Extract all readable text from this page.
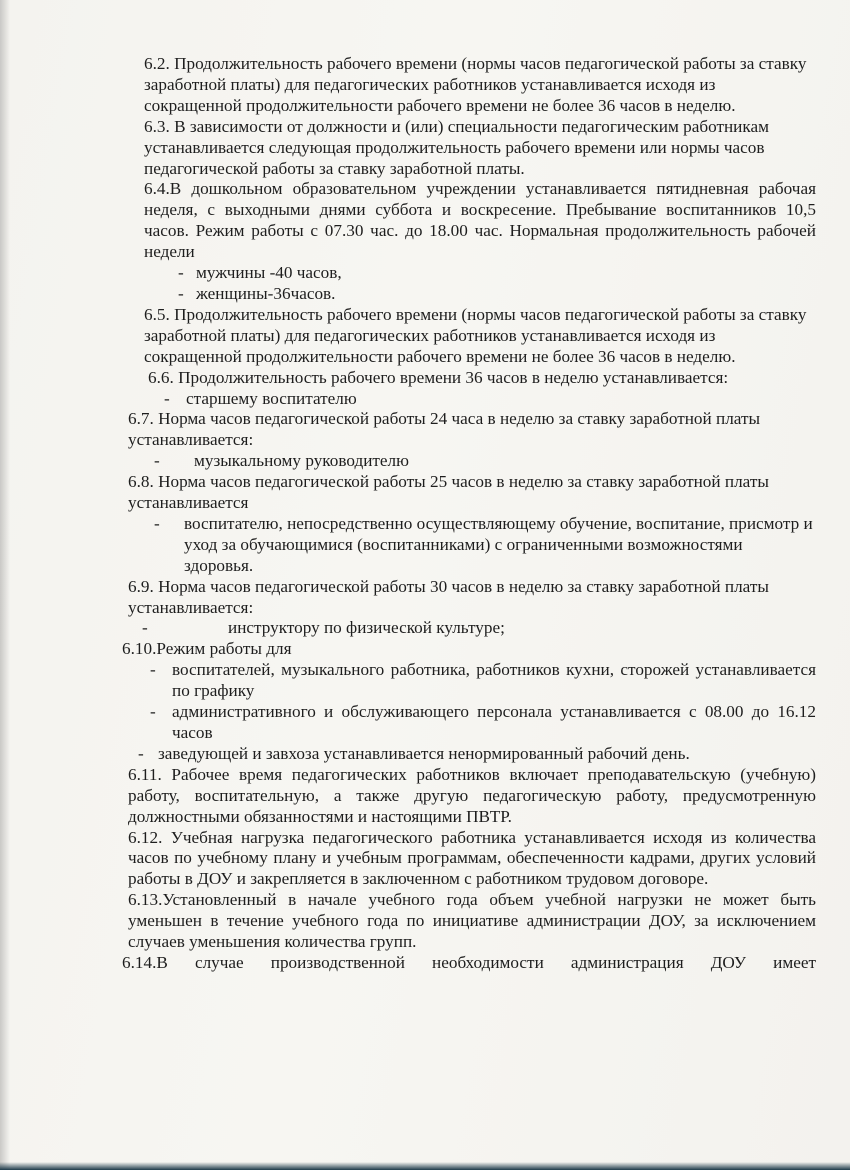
6.2. Продолжительность рабочего времени (нормы часов педагогической работы за ставку заработной платы) для педагогических работников устанавливается исходя из сокращенной продолжительности рабочего времени не более 36 часов в неделю.

6.3. В зависимости от должности и (или) специальности педагогическим работникам устанавливается следующая продолжительность рабочего времени или нормы часов педагогической работы за ставку заработной платы.

6.4.В дошкольном образовательном учреждении устанавливается пятидневная рабочая неделя, с выходными днями суббота и воскресение. Пребывание воспитанников 10,5 часов. Режим работы с 07.30 час. до 18.00 час. Нормальная продолжительность рабочей недели

- мужчины -40 часов,

- женщины-36часов.

6.5. Продолжительность рабочего времени (нормы часов педагогической работы за ставку заработной платы) для педагогических работников устанавливается исходя из сокращенной продолжительности рабочего времени не более 36 часов в неделю.

6.6. Продолжительность рабочего времени 36 часов в неделю устанавливается:

- старшему воспитателю

6.7. Норма часов педагогической работы 24 часа в неделю за ставку заработной платы устанавливается:

- музыкальному руководителю

6.8. Норма часов педагогической работы 25 часов в неделю за ставку заработной платы устанавливается

- воспитателю, непосредственно осуществляющему обучение, воспитание, присмотр и уход за обучающимися (воспитанниками) с ограниченными возможностями здоровья.

6.9. Норма часов педагогической работы 30 часов в неделю за ставку заработной платы устанавливается:

-	инструктору по физической культуре;

6.10.Режим работы для

- воспитателей, музыкального работника, работников кухни, сторожей устанавливается по графику

- административного и обслуживающего персонала устанавливается с 08.00 до 16.12 часов

- заведующей и завхоза устанавливается ненормированный рабочий день.

6.11. Рабочее время педагогических работников включает преподавательскую (учебную) работу, воспитательную, а также другую педагогическую работу, предусмотренную должностными обязанностями и настоящими ПВТР.

6.12. Учебная нагрузка педагогического работника устанавливается исходя из количества часов по учебному плану и учебным программам, обеспеченности кадрами, других условий работы в ДОУ и закрепляется в заключенном с работником трудовом договоре.

6.13.Установленный в начале учебного года объем учебной нагрузки не может быть уменьшен в течение учебного года по инициативе администрации ДОУ, за исключением случаев уменьшения количества групп.

6.14.В случае производственной необходимости администрация ДОУ имеет
